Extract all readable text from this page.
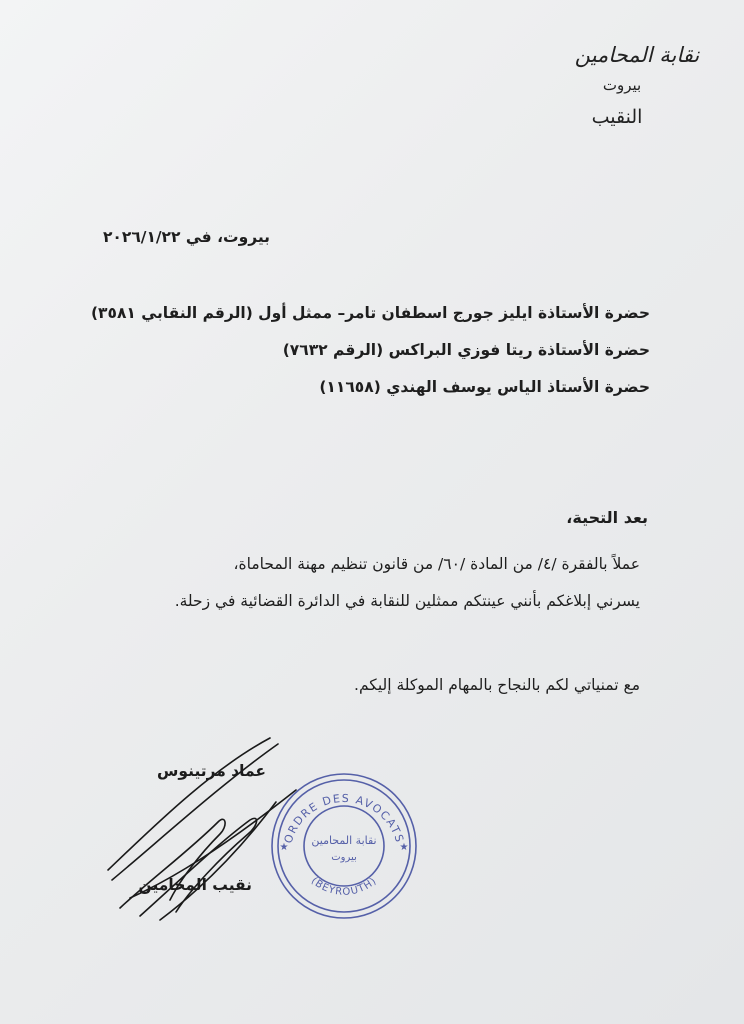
نقابة المحامين
بيروت
النقيب
بيروت، في ٢٠٢٦/١/٢٢
حضرة الأستاذة ايليز جورج اسطفان تامر– ممثل أول (الرقم النقابي ٣٥٨١)
حضرة الأستاذة ريتا فوزي البراكس (الرقم ٧٦٣٢)
حضرة الأستاذ الياس يوسف الهندي (١١٦٥٨)
بعد التحية،
عملاً بالفقرة /٤/ من المادة /٦٠/ من قانون تنظيم مهنة المحاماة،
يسرني إبلاغكم بأنني عينتكم ممثلين للنقابة في الدائرة القضائية في زحلة.
مع تمنياتي لكم بالنجاح بالمهام الموكلة إليكم.
عماد مرتينوس
نقيب المحامين
ORDRE DES AVOCATS
(BEYROUTH)
نقابة المحامين
بيروت
★	★
